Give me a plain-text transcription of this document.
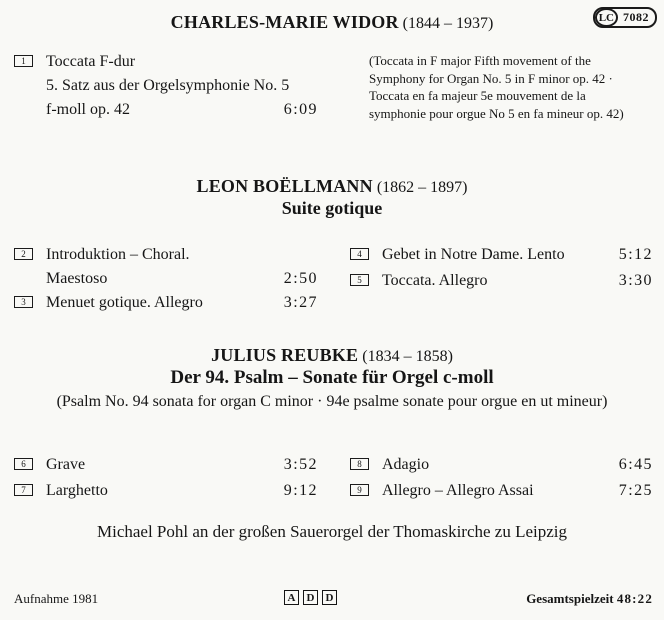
CHARLES-MARIE WIDOR (1844 – 1937)	LC 7082
1	Toccata F-dur
5. Satz aus der Orgelsymphonie No. 5
f-moll op. 42	6:09
(Toccata in F major Fifth movement of the
Symphony for Organ No. 5 in F minor op. 42 ·
Toccata en fa majeur 5e mouvement de la
symphonie pour orgue No 5 en fa mineur op. 42)
LEON BOËLLMANN (1862 – 1897)
Suite gotique
2	Introduktion – Choral.
Maestoso	2:50
3	Menuet gotique. Allegro	3:27
4	Gebet in Notre Dame. Lento	5:12
5	Toccata. Allegro	3:30
JULIUS REUBKE (1834 – 1858)
Der 94. Psalm – Sonate für Orgel c-moll
(Psalm No. 94 sonata for organ C minor · 94e psalme sonate pour orgue en ut mineur)
6	Grave	3:52
7	Larghetto	9:12
8	Adagio	6:45
9	Allegro – Allegro Assai	7:25
Michael Pohl an der großen Sauerorgel der Thomaskirche zu Leipzig
Aufnahme 1981	A	D	D	Gesamtspielzeit 48:22
